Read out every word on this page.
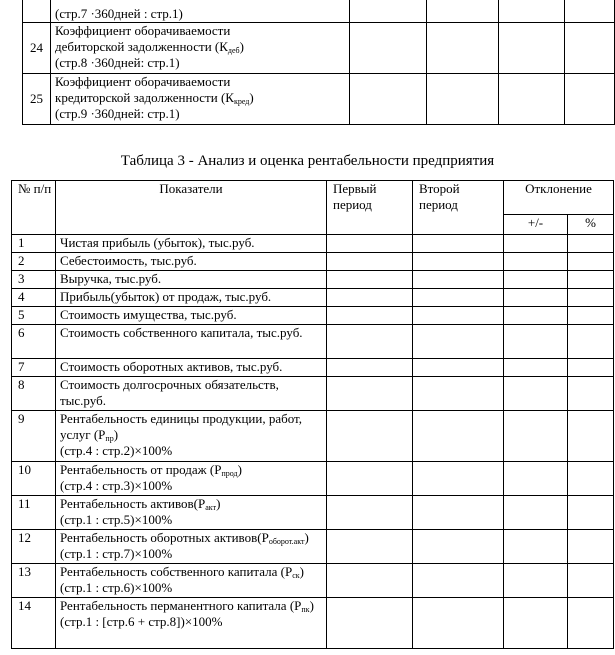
	(стр.7 ·360дней : стр.1)				
24	Коэффициент оборачиваемости
дебиторской задолженности $(К_{деб})$
(стр.8 ·360дней: стр.1)				

25	Коэффициент оборачиваемости
кредиторской задолженности $(К_{кред})$
(стр.9 ·360дней: стр.1)				

Таблица 3 - Анализ и оценка рентабельности предприятия
№ п/п	Показатели	Первый период	Второй период	Отклонение	
				+/-	%
1	Чистая прибыль (убыток), тыс.руб.				
2	Себестоимость, тыс.руб.				
3	Выручка, тыс.руб.				
4	Прибыль(убыток) от продаж, тыс.руб.				
5	Стоимость имущества, тыс.руб.				
6	Стоимость собственного капитала, тыс.руб.				
7	Стоимость оборотных активов, тыс.руб.				
8	Стоимость долгосрочных обязательств, тыс.руб.				
9	Рентабельность единицы продукции, работ, услуг $(Р_{пр})$
(стр.4 : стр.2)×100%				

10	Рентабельность от продаж $(Р_{прод})$
(стр.4 : стр.3)×100%				

11	Рентабельность $активов(Р_{акт})$
(стр.1 : стр.5)×100%				

12	Рентабельность оборотных $активов(Р_{оборот.акт})(стр.1$ : стр.7)×100%				
13	Рентабельность собственного капитала $(Р_{ск})$ (стр.1 : стр.6)×100%				
14	Рентабельность перманентного капитала $(Р_{пк})$
(стр.1 : [стр.6 + стр.8])×100%				
